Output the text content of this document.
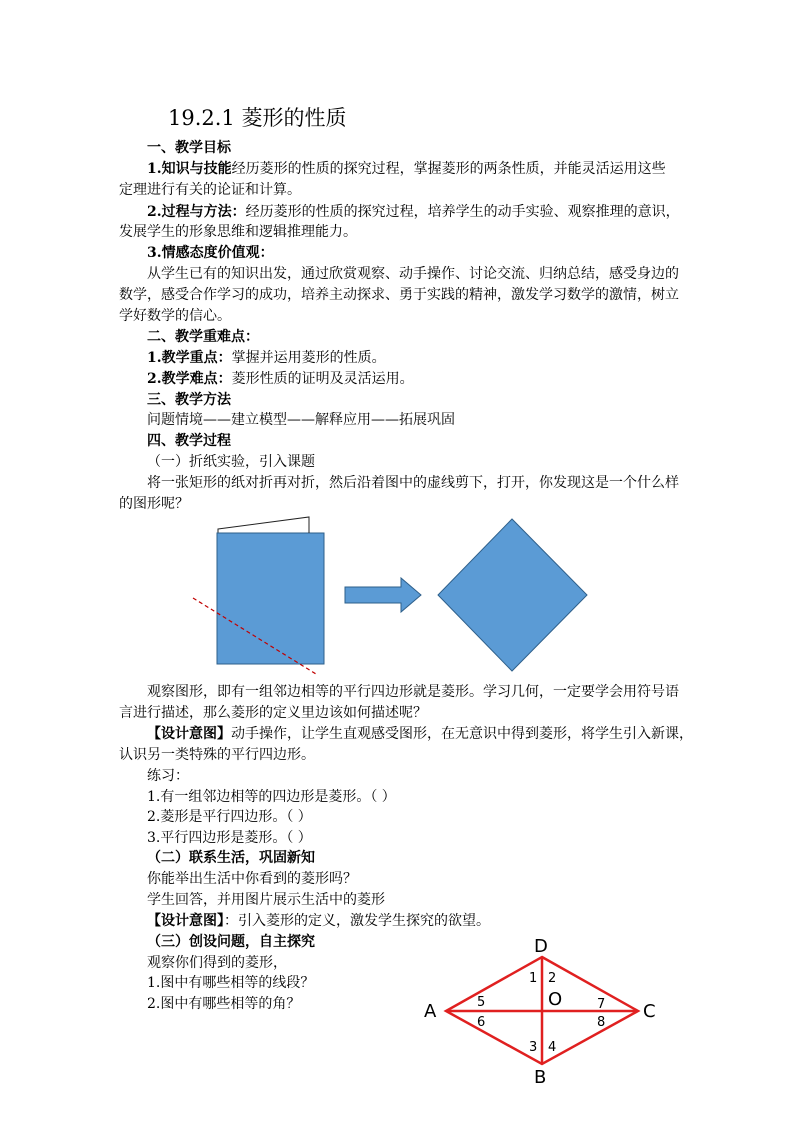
19.2.1 菱形的性质
一、教学目标
1.知识与技能经历菱形的性质的探究过程，掌握菱形的两条性质，并能灵活运用这些
定理进行有关的论证和计算。
2.过程与方法：经历菱形的性质的探究过程，培养学生的动手实验、观察推理的意识，
发展学生的形象思维和逻辑推理能力。
3.情感态度价值观：
从学生已有的知识出发，通过欣赏观察、动手操作、讨论交流、归纳总结，感受身边的
数学，感受合作学习的成功，培养主动探求、勇于实践的精神，激发学习数学的激情，树立
学好数学的信心。
二、教学重难点：
1.教学重点：掌握并运用菱形的性质。
2.教学难点：菱形性质的证明及灵活运用。
三、教学方法
问题情境——建立模型——解释应用——拓展巩固
四、教学过程
（一）折纸实验，引入课题
将一张矩形的纸对折再对折，然后沿着图中的虚线剪下，打开，你发现这是一个什么样
的图形呢？
观察图形，即有一组邻边相等的平行四边形就是菱形。学习几何，一定要学会用符号语
言进行描述，那么菱形的定义里边该如何描述呢？
【设计意图】动手操作，让学生直观感受图形，在无意识中得到菱形，将学生引入新课，
认识另一类特殊的平行四边形。
练习：
1.有一组邻边相等的四边形是菱形。（ ）
2.菱形是平行四边形。（ ）
3.平行四边形是菱形。（ ）
（二）联系生活，巩固新知
你能举出生活中你看到的菱形吗？
学生回答，并用图片展示生活中的菱形
【设计意图】：引入菱形的定义，激发学生探究的欲望。
（三）创设问题，自主探究
观察你们得到的菱形，
1.图中有哪些相等的线段？
2.图中有哪些相等的角？
D
A	C
B
O
1 2
3 4
5
6
7
8
